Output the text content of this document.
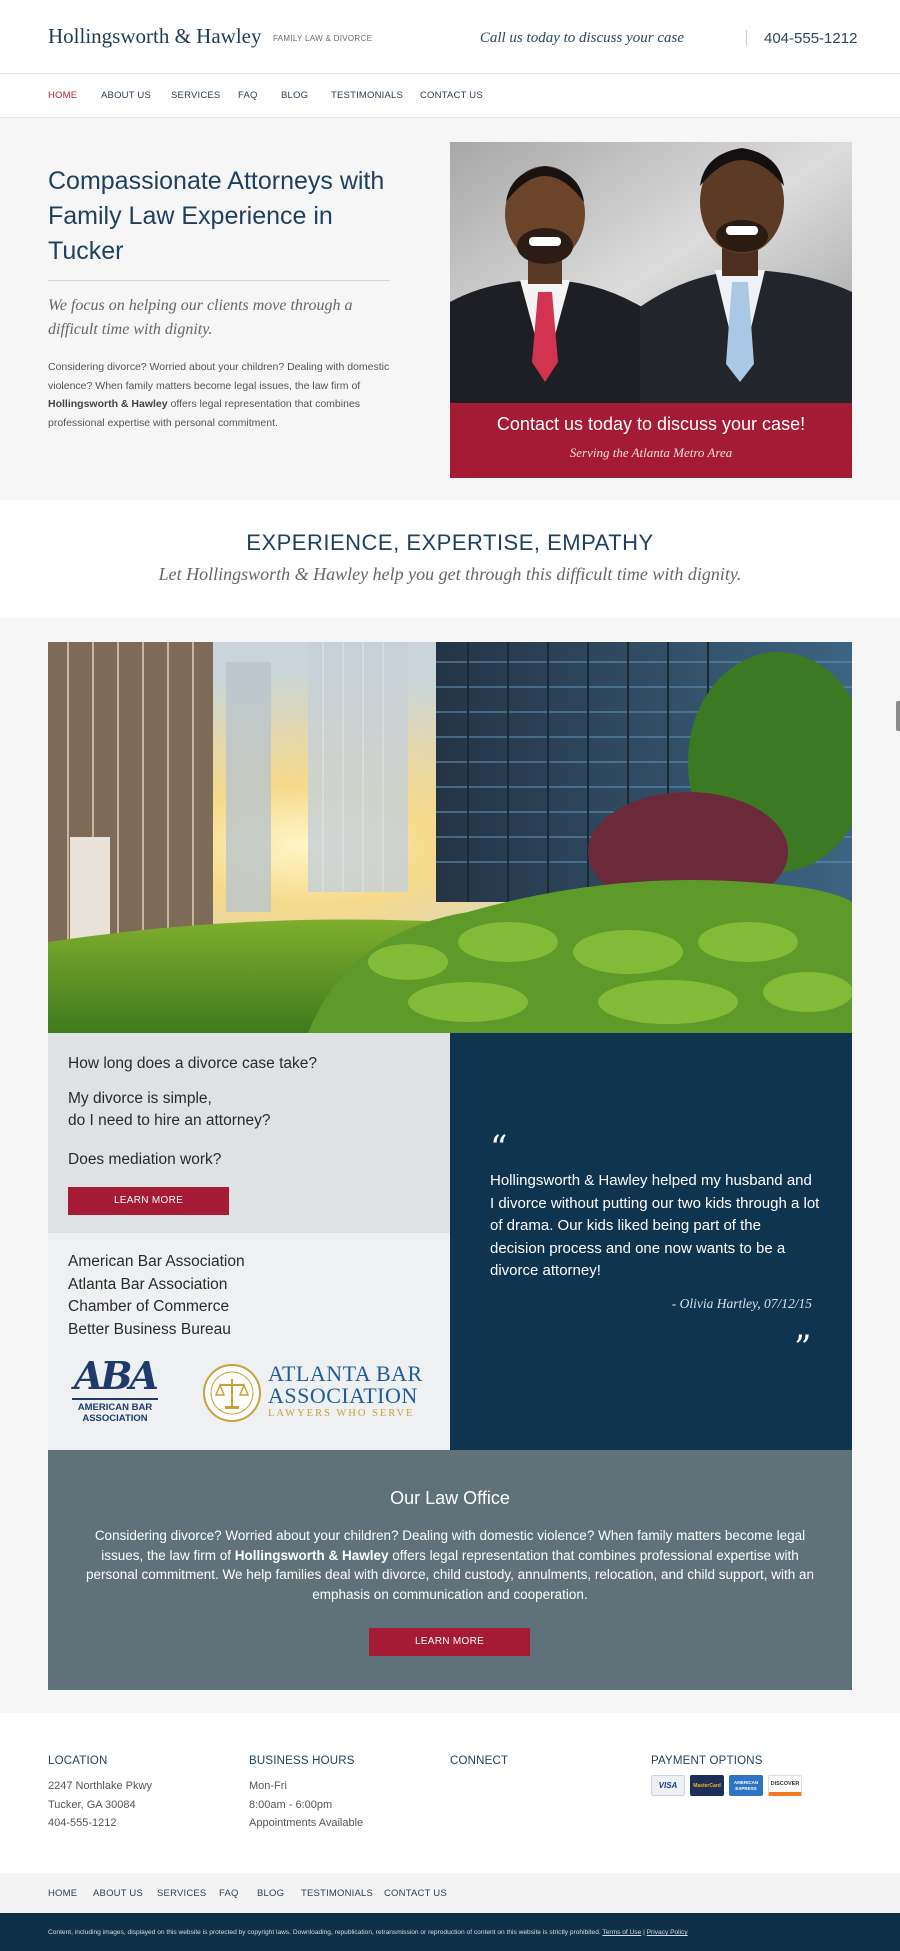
Hollingsworth & Hawley FAMILY LAW & DIVORCE	Call us today to discuss your case	404-555-1212
HOME ABOUT US SERVICES FAQ BLOG TESTIMONIALS CONTACT US
Compassionate Attorneys with Family Law Experience in Tucker
We focus on helping our clients move through a difficult time with dignity.

Considering divorce? Worried about your children? Dealing with domestic violence? When family matters become legal issues, the law firm of Hollingsworth & Hawley offers legal representation that combines professional expertise with personal commitment.	Contact us today to discuss your case!
Serving the Atlanta Metro Area
EXPERIENCE, EXPERTISE, EMPATHY
Let Hollingsworth & Hawley help you get through this difficult time with dignity.
How long does a divorce case take?
My divorce is simple,
do I need to hire an attorney?
Does mediation work?
LEARN MORE
American Bar Association
Atlanta Bar Association
Chamber of Commerce
Better Business Bureau
ABA
AMERICAN BAR
ASSOCIATION
ATLANTA BAR
ASSOCIATION
LAWYERS WHO SERVE
“
Hollingsworth & Hawley helped my husband and I divorce without putting our two kids through a lot of drama. Our kids liked being part of the decision process and one now wants to be a divorce attorney!
- Olivia Hartley, 07/12/15
”
Our Law Office

Considering divorce? Worried about your children? Dealing with domestic violence? When family matters become legal issues, the law firm of Hollingsworth & Hawley offers legal representation that combines professional expertise with personal commitment. We help families deal with divorce, child custody, annulments, relocation, and child support, with an emphasis on communication and cooperation.

LEARN MORE
LOCATION
2247 Northlake Pkwy
Tucker, GA 30084
404-555-1212
BUSINESS HOURS
Mon-Fri
8:00am - 6:00pm
Appointments Available
CONNECT	PAYMENT OPTIONS
VISA	MasterCard
AMERICAN EXPRESS
DISCOVER
HOME ABOUT US SERVICES FAQ BLOG TESTIMONIALS CONTACT US
Content, including images, displayed on this website is protected by copyright laws. Downloading, republication, retransmission or reproduction of content on this website is strictly prohibited. Terms of Use | Privacy Policy
